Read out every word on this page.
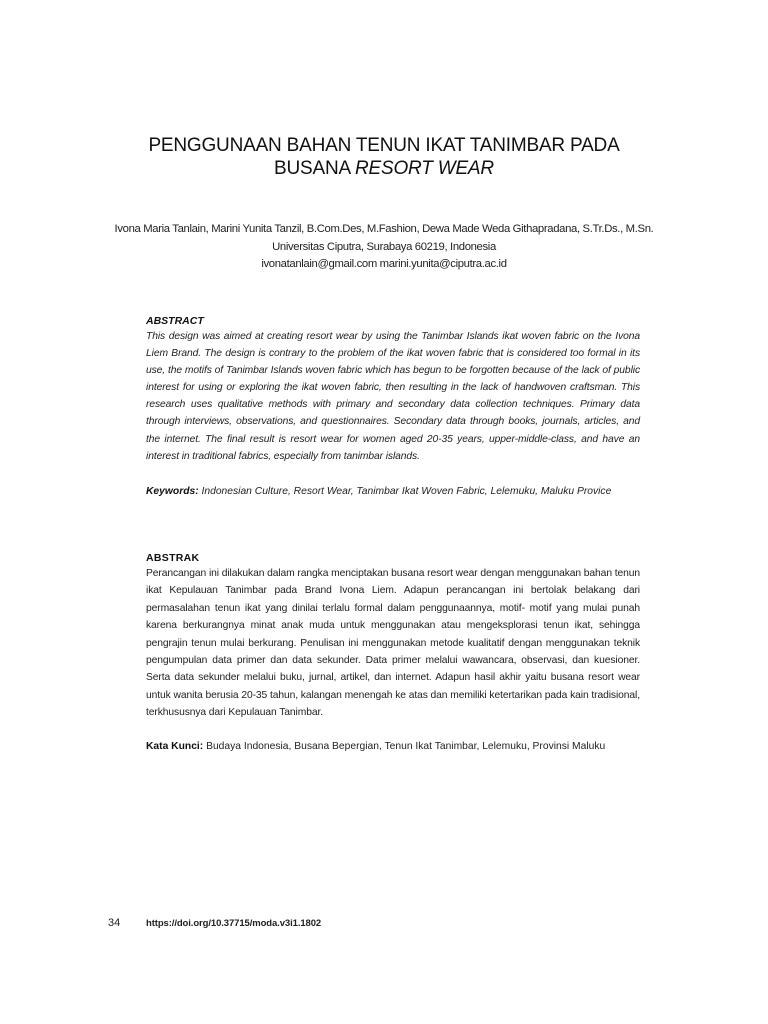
PENGGUNAAN BAHAN TENUN IKAT TANIMBAR PADA
BUSANA RESORT WEAR
Ivona Maria Tanlain, Marini Yunita Tanzil, B.Com.Des, M.Fashion, Dewa Made Weda Githapradana, S.Tr.Ds., M.Sn.
Universitas Ciputra, Surabaya 60219, Indonesia
ivonatanlain@gmail.com marini.yunita@ciputra.ac.id
ABSTRACT
This design was aimed at creating resort wear by using the Tanimbar Islands ikat woven fabric on the Ivona Liem Brand. The design is contrary to the problem of the ikat woven fabric that is considered too formal in its use, the motifs of Tanimbar Islands woven fabric which has begun to be forgotten because of the lack of public interest for using or exploring the ikat woven fabric, then resulting in the lack of handwoven craftsman. This research uses qualitative methods with primary and secondary data collection techniques. Primary data through interviews, observations, and questionnaires. Secondary data through books, journals, articles, and the internet. The final result is resort wear for women aged 20-35 years, upper-middle-class, and have an interest in traditional fabrics, especially from tanimbar islands.
Keywords: Indonesian Culture, Resort Wear, Tanimbar Ikat Woven Fabric, Lelemuku, Maluku Provice
ABSTRAK
Perancangan ini dilakukan dalam rangka menciptakan busana resort wear dengan menggunakan bahan tenun ikat Kepulauan Tanimbar pada Brand Ivona Liem. Adapun perancangan ini bertolak belakang dari permasalahan tenun ikat yang dinilai terlalu formal dalam penggunaannya, motif- motif yang mulai punah karena berkurangnya minat anak muda untuk menggunakan atau mengeksplorasi tenun ikat, sehingga pengrajin tenun mulai berkurang. Penulisan ini menggunakan metode kualitatif dengan menggunakan teknik pengumpulan data primer dan data sekunder. Data primer melalui wawancara, observasi, dan kuesioner. Serta data sekunder melalui buku, jurnal, artikel, dan internet. Adapun hasil akhir yaitu busana resort wear untuk wanita berusia 20-35 tahun, kalangan menengah ke atas dan memiliki ketertarikan pada kain tradisional, terkhususnya dari Kepulauan Tanimbar.
Kata Kunci: Budaya Indonesia, Busana Bepergian, Tenun Ikat Tanimbar, Lelemuku, Provinsi Maluku
34	https://doi.org/10.37715/moda.v3i1.1802
